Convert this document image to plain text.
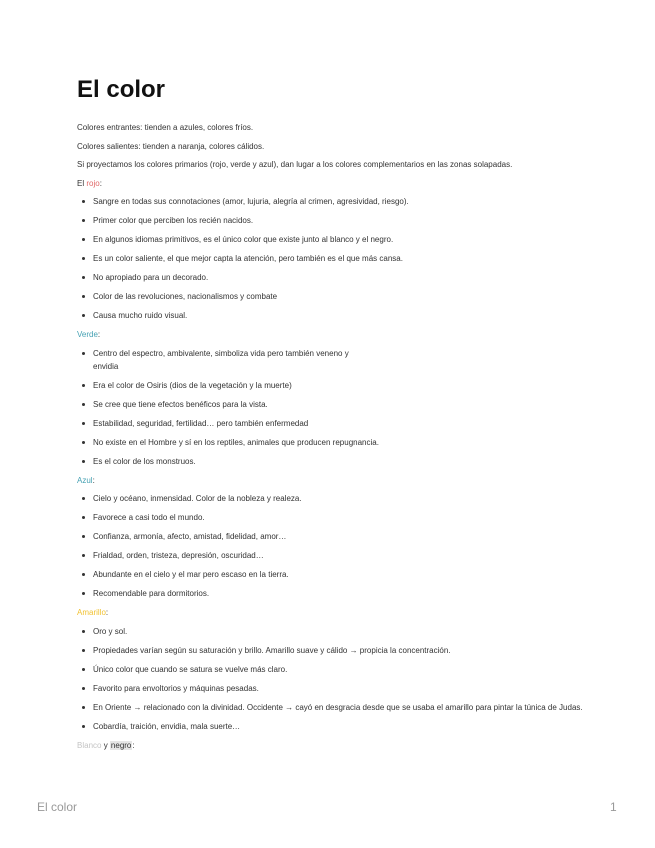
El color

Colores entrantes: tienden a azules, colores fríos.

Colores salientes: tienden a naranja, colores cálidos.

Si proyectamos los colores primarios (rojo, verde y azul), dan lugar a los colores complementarios en las zonas solapadas.

El rojo:

Sangre en todas sus connotaciones (amor, lujuria, alegría al crimen, agresividad, riesgo).
Primer color que perciben los recién nacidos.
En algunos idiomas primitivos, es el único color que existe junto al blanco y el negro.
Es un color saliente, el que mejor capta la atención, pero también es el que más cansa.
No apropiado para un decorado.
Color de las revoluciones, nacionalismos y combate
Causa mucho ruido visual.

Verde:

Centro del espectro, ambivalente, simboliza vida pero también veneno y
envidia
Era el color de Osiris (dios de la vegetación y la muerte)
Se cree que tiene efectos benéficos para la vista.
Estabilidad, seguridad, fertilidad… pero también enfermedad
No existe en el Hombre y sí en los reptiles, animales que producen repugnancia.
Es el color de los monstruos.

Azul:

Cielo y océano, inmensidad. Color de la nobleza y realeza.
Favorece a casi todo el mundo.
Confianza, armonía, afecto, amistad, fidelidad, amor…
Frialdad, orden, tristeza, depresión, oscuridad…
Abundante en el cielo y el mar pero escaso en la tierra.
Recomendable para dormitorios.

Amarillo:

Oro y sol.
Propiedades varían según su saturación y brillo. Amarillo suave y cálido → propicia la concentración.
Único color que cuando se satura se vuelve más claro.
Favorito para envoltorios y máquinas pesadas.
En Oriente → relacionado con la divinidad. Occidente → cayó en desgracia desde que se usaba el amarillo para pintar la túnica de Judas.
Cobardía, traición, envidia, mala suerte…

Blanco y negro:

El color	1
